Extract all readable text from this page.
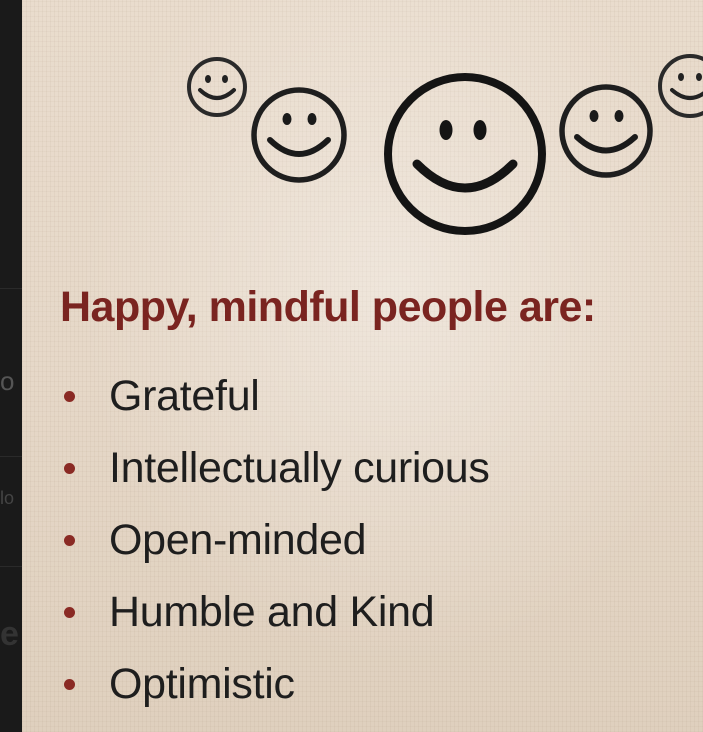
o
lo
e
Happy, mindful people are:
Grateful
Intellectually curious
Open-minded
Humble and Kind
Optimistic
